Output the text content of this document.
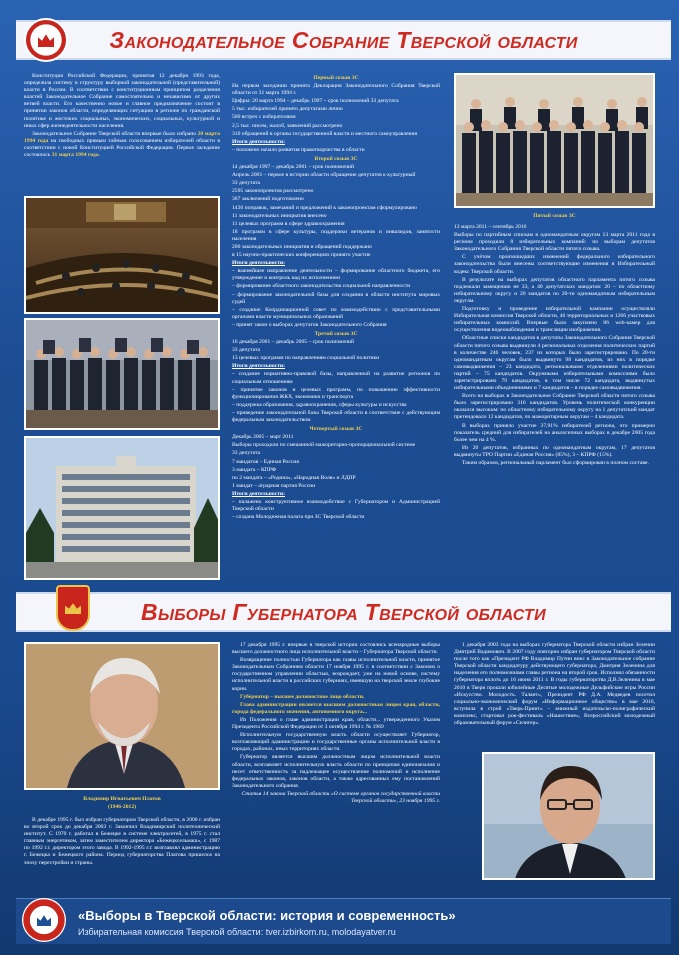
Законодательное Собрание Тверской области

Конституция Российской Федерации, принятая 12 декабря 1993 года, определила систему и структуру выборной законодательной (представительной) власти в России. В соответствии с конституционным принципом разделения властей Законодательное Собрание самостоятельно и независимо от других ветвей власти. Его качественно новое и главное предназначение состоит в принятии законов области, определяющих ситуацию в регионе по гражданской политике и жестоких социальных, экономических, социальных, культурной и иных сфер жизнедеятельности населения.

Законодательное Собрание Тверской области впервые было избрано 20 марта 1994 года на свободных прямым тайным голосованием избирателей области в соответствии с новой Конституцией Российской Федерации. Первое заседание состоялось 31 марта 1994 года.

Первый созыв ЗС

На первом заседании принята Декларация Законодательного Собрания Тверской области от 31 марта 1994 г.

Цифры: 20 марта 1994 – декабрь 1997 – срок полномочий 33 депутата

5 тыс. избирателей принято депутатами лично

500 встреч с избирателями

2,5 тыс. писем, жалоб, заявлений рассмотрено

310 обращений в органы государственной власти и местного самоуправления

Итоги деятельности:

– положено начало развития правотворчества в области

Второй созыв ЗС

14 декабря 1997 – декабрь 2001 – срок полномочий

Апрель 2001 – первое в истории области обращение депутатов к культурный

33 депутата

2595 законопроектов рассмотрено

367 заключений подготовлено

1430 поправок, замечаний и предложений к законопроектам сформулировано

11 законодательных инициатив внесено

11 целевых программ в сфере здравоохранения

18 программ в сфере культуры, поддержки ветеранов и инвалидов, занятости населения

200 законодательных инициатив и обращений поддержано

в 15 научно-практических конференциях принято участие

Итоги деятельности:

– важнейшее направление деятельности – формирование областного бюджета, его утверждение и контроль над их исполнением

– формирование областного законодательства социальной направленности

– формирование законодательной базы для создания в области института мировых судей

– создание Координационной совет по взаимодействию с представительными органами власти муниципальных образований

– принят закон о выборах депутатов Законодательного Собрания

Третий созыв ЗС

16 декабря 2001 – декабрь 2005 – срок полномочий

33 депутата

13 целевых программ по направлениям социальной политики

Итоги деятельности:

– создание нормативно-правовой базы, направленной на развитие регионов по социальным отношениям

– принятие законов и целевых программ, по повышению эффективности функционирования ЖКХ, экономики и транспорта

– поддержка образования, здравоохранения, сферы культуры и искусства

– приведение законодательной базы Тверской области в соответствие с действующим федеральным законодательством

Четвертый созыв ЗС

Декабрь 2005 – март 2011

Выборы проходили по смешанной мажоритарно-пропорциональной системе

33 депутата

7 мандатов – Единая Россия

3 мандата – КПРФ

по 2 мандата – «Родина», «Народная Воля» и ЛДПР

1 мандат – аграрная партия России

Итоги деятельности:

– налажено конструктивное взаимодействие с Губернатором и Администрацией Тверской области

– создана Молодежная палата при ЗС Тверской области

Пятый созыв ЗС

13 марта 2011 – сентябрь 2016

Выборы по партийным спискам в одномандатным округам 13 марта 2011 года в регионе проходили 8 избирательных компаний: по выборам депутатов Законодательного Собрания Тверской области пятого созыва.

С учётом произошедших изменений федерального избирательного законодательства были внесены соответствующие изменения в Избирательный кодекс Тверской области.

В результате на выборах депутатов областного парламента пятого созыва подлежали замещению не 33, а 40 депутатских мандатов: 20 – по областному избирательному округу и 20 мандатов по 20-ти одномандатным избирательным округам.

Подготовку и проведение избирательной кампании осуществляли Избирательная комиссия Тверской области, 46 территориальных и 1266 участковых избирательных комиссий. Впервые было закуплено 86 web-камер для осуществления видеонаблюдения и трансляции изображения.

Областные списки кандидатов в депутаты Законодательного Собрания Тверской области пятого созыва выдвинули 4 региональных отделения политических партий в количестве 246 человек, 237 из которых было зарегистрировано. По 20-ти одномандатным округам было выдвинуто 98 кандидатов, из них в порядке самовыдвижения – 23 кандидата, региональными отделениями политических партий – 75 кандидатов. Окружными избирательными комиссиями было зарегистрировано 79 кандидатов, в том числе 72 кандидата, выдвинутых избирательными объединениями и 7 кандидатов – в порядке самовыдвижения.

Всего на выборах в Законодательное Собрание Тверской области пятого созыва было зарегистрировано 316 кандидатов. Уровень политической конкуренции оказался высоким: по областному избирательному округу на 1 депутатский мандат претендовало 12 кандидатов, по мажоритарным округам – 4 кандидата.

В выборах приняло участие 37,91% избирателей региона, что примерно показатель средний для избирателей на аналогичных выборах в декабре 2005 года более чем на 4 %.

Из 20 депутатов, избранных по одномандатным округам, 17 депутатов выдвинуты ТРО Партии «Единая Россия» (85%), 3 – КПРФ (15%).

Таким образом, региональный парламент был сформирован в полном составе.

Выборы Губернатора Тверской области
Владимир Игнатьевич Платов
(1946-2012)

В декабре 1995 г. был избран губернатором Тверской области, в 2000 г. избран во второй срок до декабря 2003 г. Закончил Владимирский политехнический институт. С 1970 г. работал в Бежецке в системе электросетей, в 1975 г. стал главным энергетиком, затем заместителем директора «Бежецксельмаш», с 1987 по 1992 г.г. директором этого завода. В 1992-1995 г.г. возглавлял администрацию г. Бежецка и Бежецкого района. Период губернаторства Платова пришелся на эпоху перестройки и страны.

17 декабря 1995 г. впервые в тверской истории состоялись всенародные выборы высшего должностного лица исполнительной власти – Губернатора Тверской области.

Возвращение полностью Губернатора как главы исполнительной власти, принятое Законодательным Собранием области 17 ноября 1995 г. в соответствии с Законом о государственном управлении областью, возрождает, уже на новой основе, систему исполнительной власти в российских губерниях, имевшую на тверской земле глубокие корни.

Губернатор – высшее должностное лицо области.

Глава администрации является высшим должностным лицом края, области, города федерального значения, автономного округа...

Из Положения о главе администрации края, области... утвержденного Указом Президента Российской Федерации от 3 октября 1994 г. № 1969

Исполнительную государственную власть области осуществляет Губернатор, возглавляющий администрацию и государственные органы исполнительной власти в городах, районах, иных территориях области.

Губернатор является высшим должностным лицом исполнительной власти области, возглавляет исполнительную власть области по принципам единоначалия и несет ответственность за надлежащее осуществление полномочий и исполнение федеральных законов, законов области, а также адресованных ему постановлений Законодательного собрания.

Статья 14 закона Тверской области «О системе органов государственной власти Тверской области», 23 ноября 1995 г.

1 декабря 2003 года на выборах губернатора Тверской области избран Зеленин Дмитрий Вадимович. В 2007 году повторно избран губернатором Тверской области после того как «Президент РФ Владимир Путин внес в Законодательное собрание Тверской области кандидатуру действующего губернатора, Дмитрия Зеленина для наделения его полномочиями главы региона на второй срок. Исполнял обязанности губернатора вплоть до 16 июня 2011 г. В годы губернаторства Д.В.Зеленина в мае 2010 в Твери прошли юбилейные Десятые молодежные Дельфийские игры России «Искусство. Молодость. Талант», Президент РФ Д.А. Медведев посетил социально-экономический форум «Информационное общество» в мае 2010, вступила в строй «Тверь-Принт» – книжный издательско-полиграфический комплекс, стартовал рок-фестиваль «Нашествие», Всероссийский молодежный образовательный форум «Селигер».

«Выборы в Тверской области: история и современность»
Избирательная комиссия Тверской области: tver.izbirkom.ru, molodayatver.ru
